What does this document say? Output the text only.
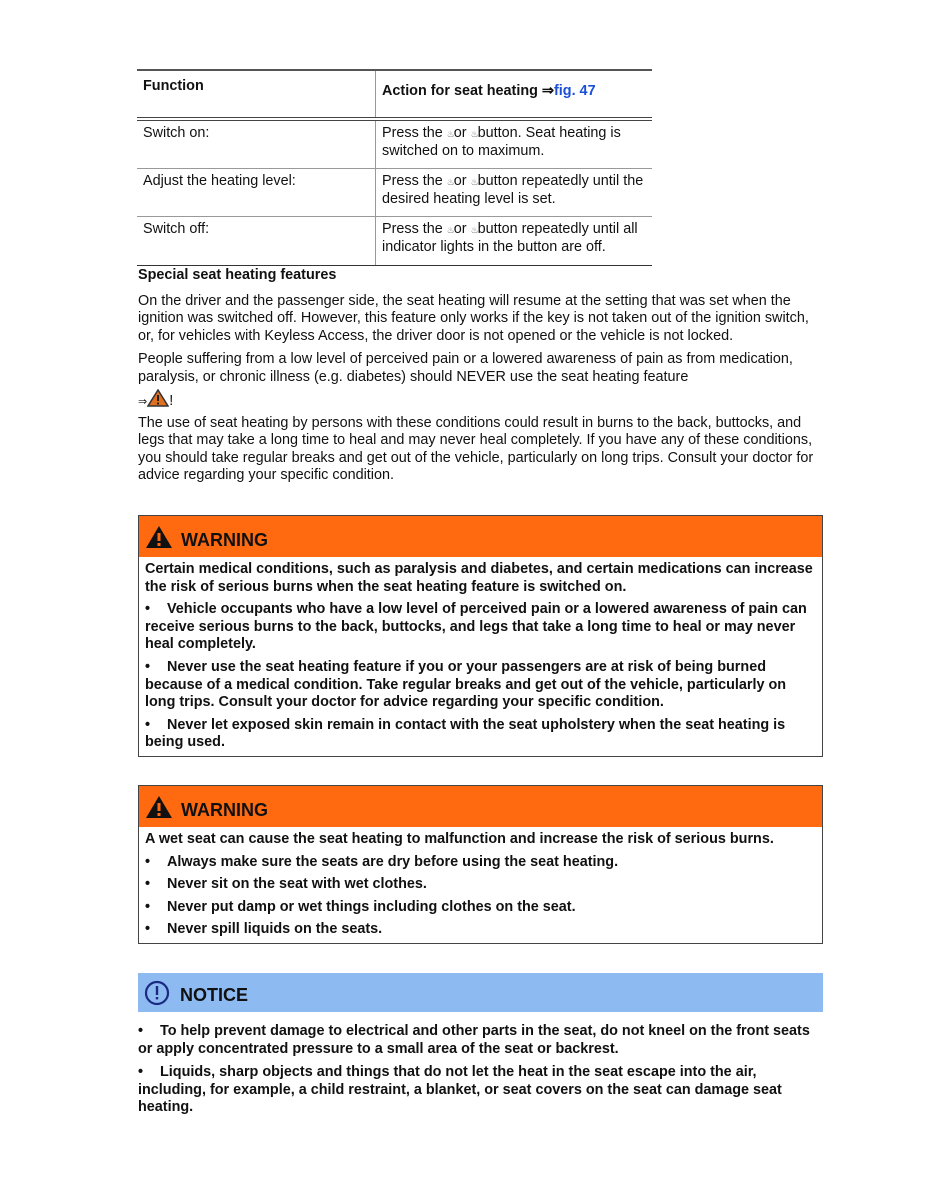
Function	Action for seat heating ⇒fig. 47
Switch on:	Press the ♨or ♨button. Seat heating is switched on to maximum.
Adjust the heating level:	Press the ♨or ♨button repeatedly until the desired heating level is set.
Switch off:	Press the ♨or ♨button repeatedly until all indicator lights in the button are off.
Special seat heating features

On the driver and the passenger side, the seat heating will resume at the setting that was set when the ignition was switched off. However, this feature only works if the key is not taken out of the ignition switch, or, for vehicles with Keyless Access, the driver door is not opened or the vehicle is not locked.

People suffering from a low level of perceived pain or a lowered awareness of pain as from medication, paralysis, or chronic illness (e.g. diabetes) should NEVER use the seat heating feature

⇒ !

The use of seat heating by persons with these conditions could result in burns to the back, buttocks, and legs that may take a long time to heal and may never heal completely. If you have any of these conditions, you should take regular breaks and get out of the vehicle, particularly on long trips. Consult your doctor for advice regarding your specific condition.

WARNING
Certain medical conditions, such as paralysis and diabetes, and certain medications can increase the risk of serious burns when the seat heating feature is switched on.
• Vehicle occupants who have a low level of perceived pain or a lowered awareness of pain can receive serious burns to the back, buttocks, and legs that take a long time to heal or may never heal completely.
• Never use the seat heating feature if you or your passengers are at risk of being burned because of a medical condition. Take regular breaks and get out of the vehicle, particularly on long trips. Consult your doctor for advice regarding your specific condition.
• Never let exposed skin remain in contact with the seat upholstery when the seat heating is being used.
WARNING
A wet seat can cause the seat heating to malfunction and increase the risk of serious burns.
• Always make sure the seats are dry before using the seat heating.
• Never sit on the seat with wet clothes.
• Never put damp or wet things including clothes on the seat.
• Never spill liquids on the seats.
NOTICE
• To help prevent damage to electrical and other parts in the seat, do not kneel on the front seats or apply concentrated pressure to a small area of the seat or backrest.
• Liquids, sharp objects and things that do not let the heat in the seat escape into the air, including, for example, a child restraint, a blanket, or seat covers on the seat can damage seat heating.
